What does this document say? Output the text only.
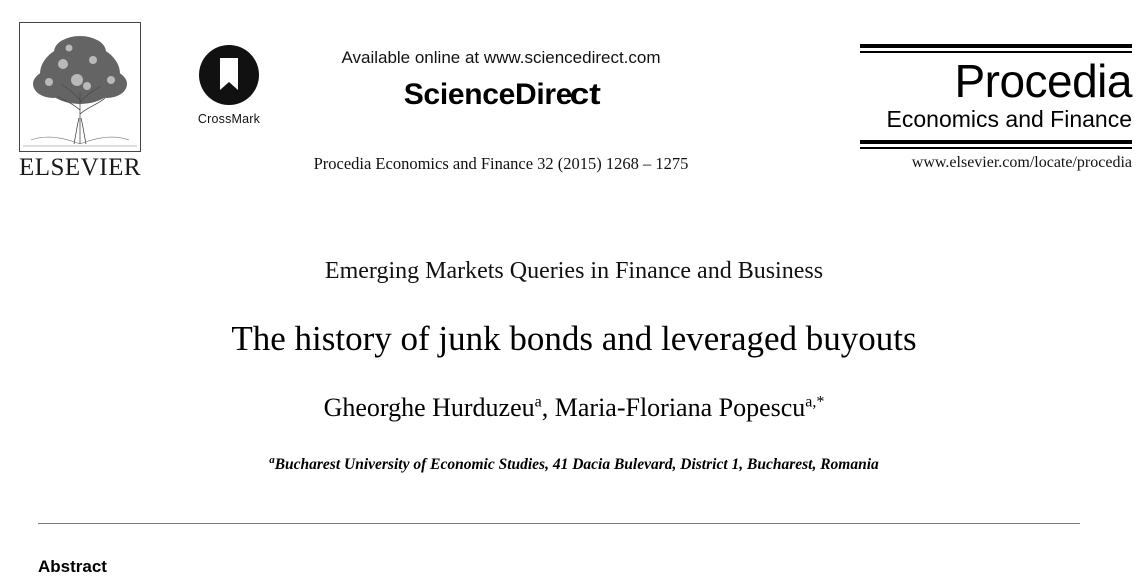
ELSEVIER
CrossMark
Available online at www.sciencedirect.com
ScienceDirect
Procedia Economics and Finance 32 (2015) 1268 – 1275
Procedia
Economics and Finance
www.elsevier.com/locate/procedia
Emerging Markets Queries in Finance and Business
The history of junk bonds and leveraged buyouts
Gheorghe Hurduzeu$^a$, Maria-Floriana Popescu$^{a,*}$
$^a$Bucharest University of Economic Studies, 41 Dacia Bulevard, District 1, Bucharest, Romania
Abstract
